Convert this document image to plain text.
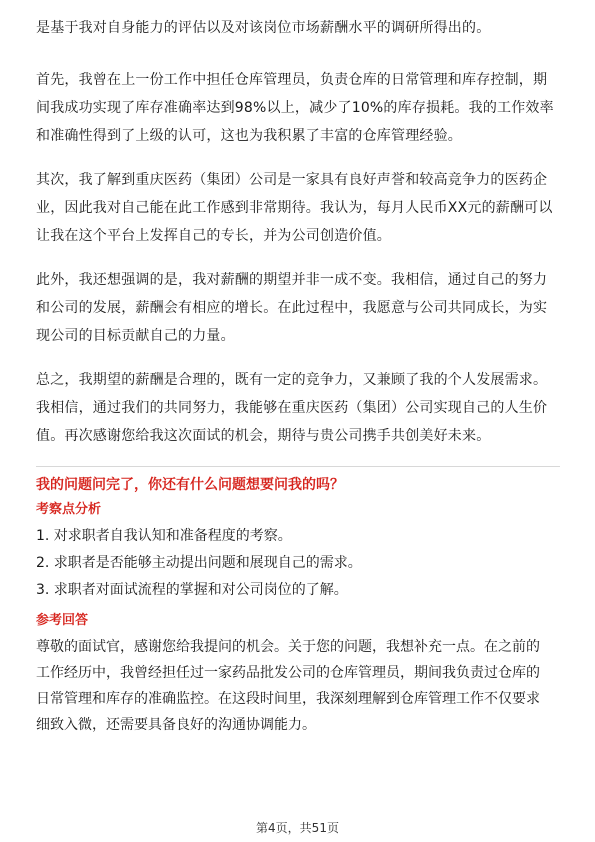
是基于我对自身能力的评估以及对该岗位市场薪酬水平的调研所得出的。

首先，我曾在上一份工作中担任仓库管理员，负责仓库的日常管理和库存控制，期
间我成功实现了库存准确率达到98%以上，减少了10%的库存损耗。我的工作效率
和准确性得到了上级的认可，这也为我积累了丰富的仓库管理经验。

其次，我了解到重庆医药（集团）公司是一家具有良好声誉和较高竞争力的医药企
业，因此我对自己能在此工作感到非常期待。我认为，每月人民币XX元的薪酬可以
让我在这个平台上发挥自己的专长，并为公司创造价值。

此外，我还想强调的是，我对薪酬的期望并非一成不变。我相信，通过自己的努力
和公司的发展，薪酬会有相应的增长。在此过程中，我愿意与公司共同成长，为实
现公司的目标贡献自己的力量。

总之，我期望的薪酬是合理的，既有一定的竞争力，又兼顾了我的个人发展需求。
我相信，通过我们的共同努力，我能够在重庆医药（集团）公司实现自己的人生价
值。再次感谢您给我这次面试的机会，期待与贵公司携手共创美好未来。

我的问题问完了，你还有什么问题想要问我的吗？
考察点分析

1. 对求职者自我认知和准备程度的考察。

2. 求职者是否能够主动提出问题和展现自己的需求。

3. 求职者对面试流程的掌握和对公司岗位的了解。

参考回答

尊敬的面试官，感谢您给我提问的机会。关于您的问题，我想补充一点。在之前的
工作经历中，我曾经担任过一家药品批发公司的仓库管理员，期间我负责过仓库的
日常管理和库存的准确监控。在这段时间里，我深刻理解到仓库管理工作不仅要求
细致入微，还需要具备良好的沟通协调能力。

第4页，共51页
